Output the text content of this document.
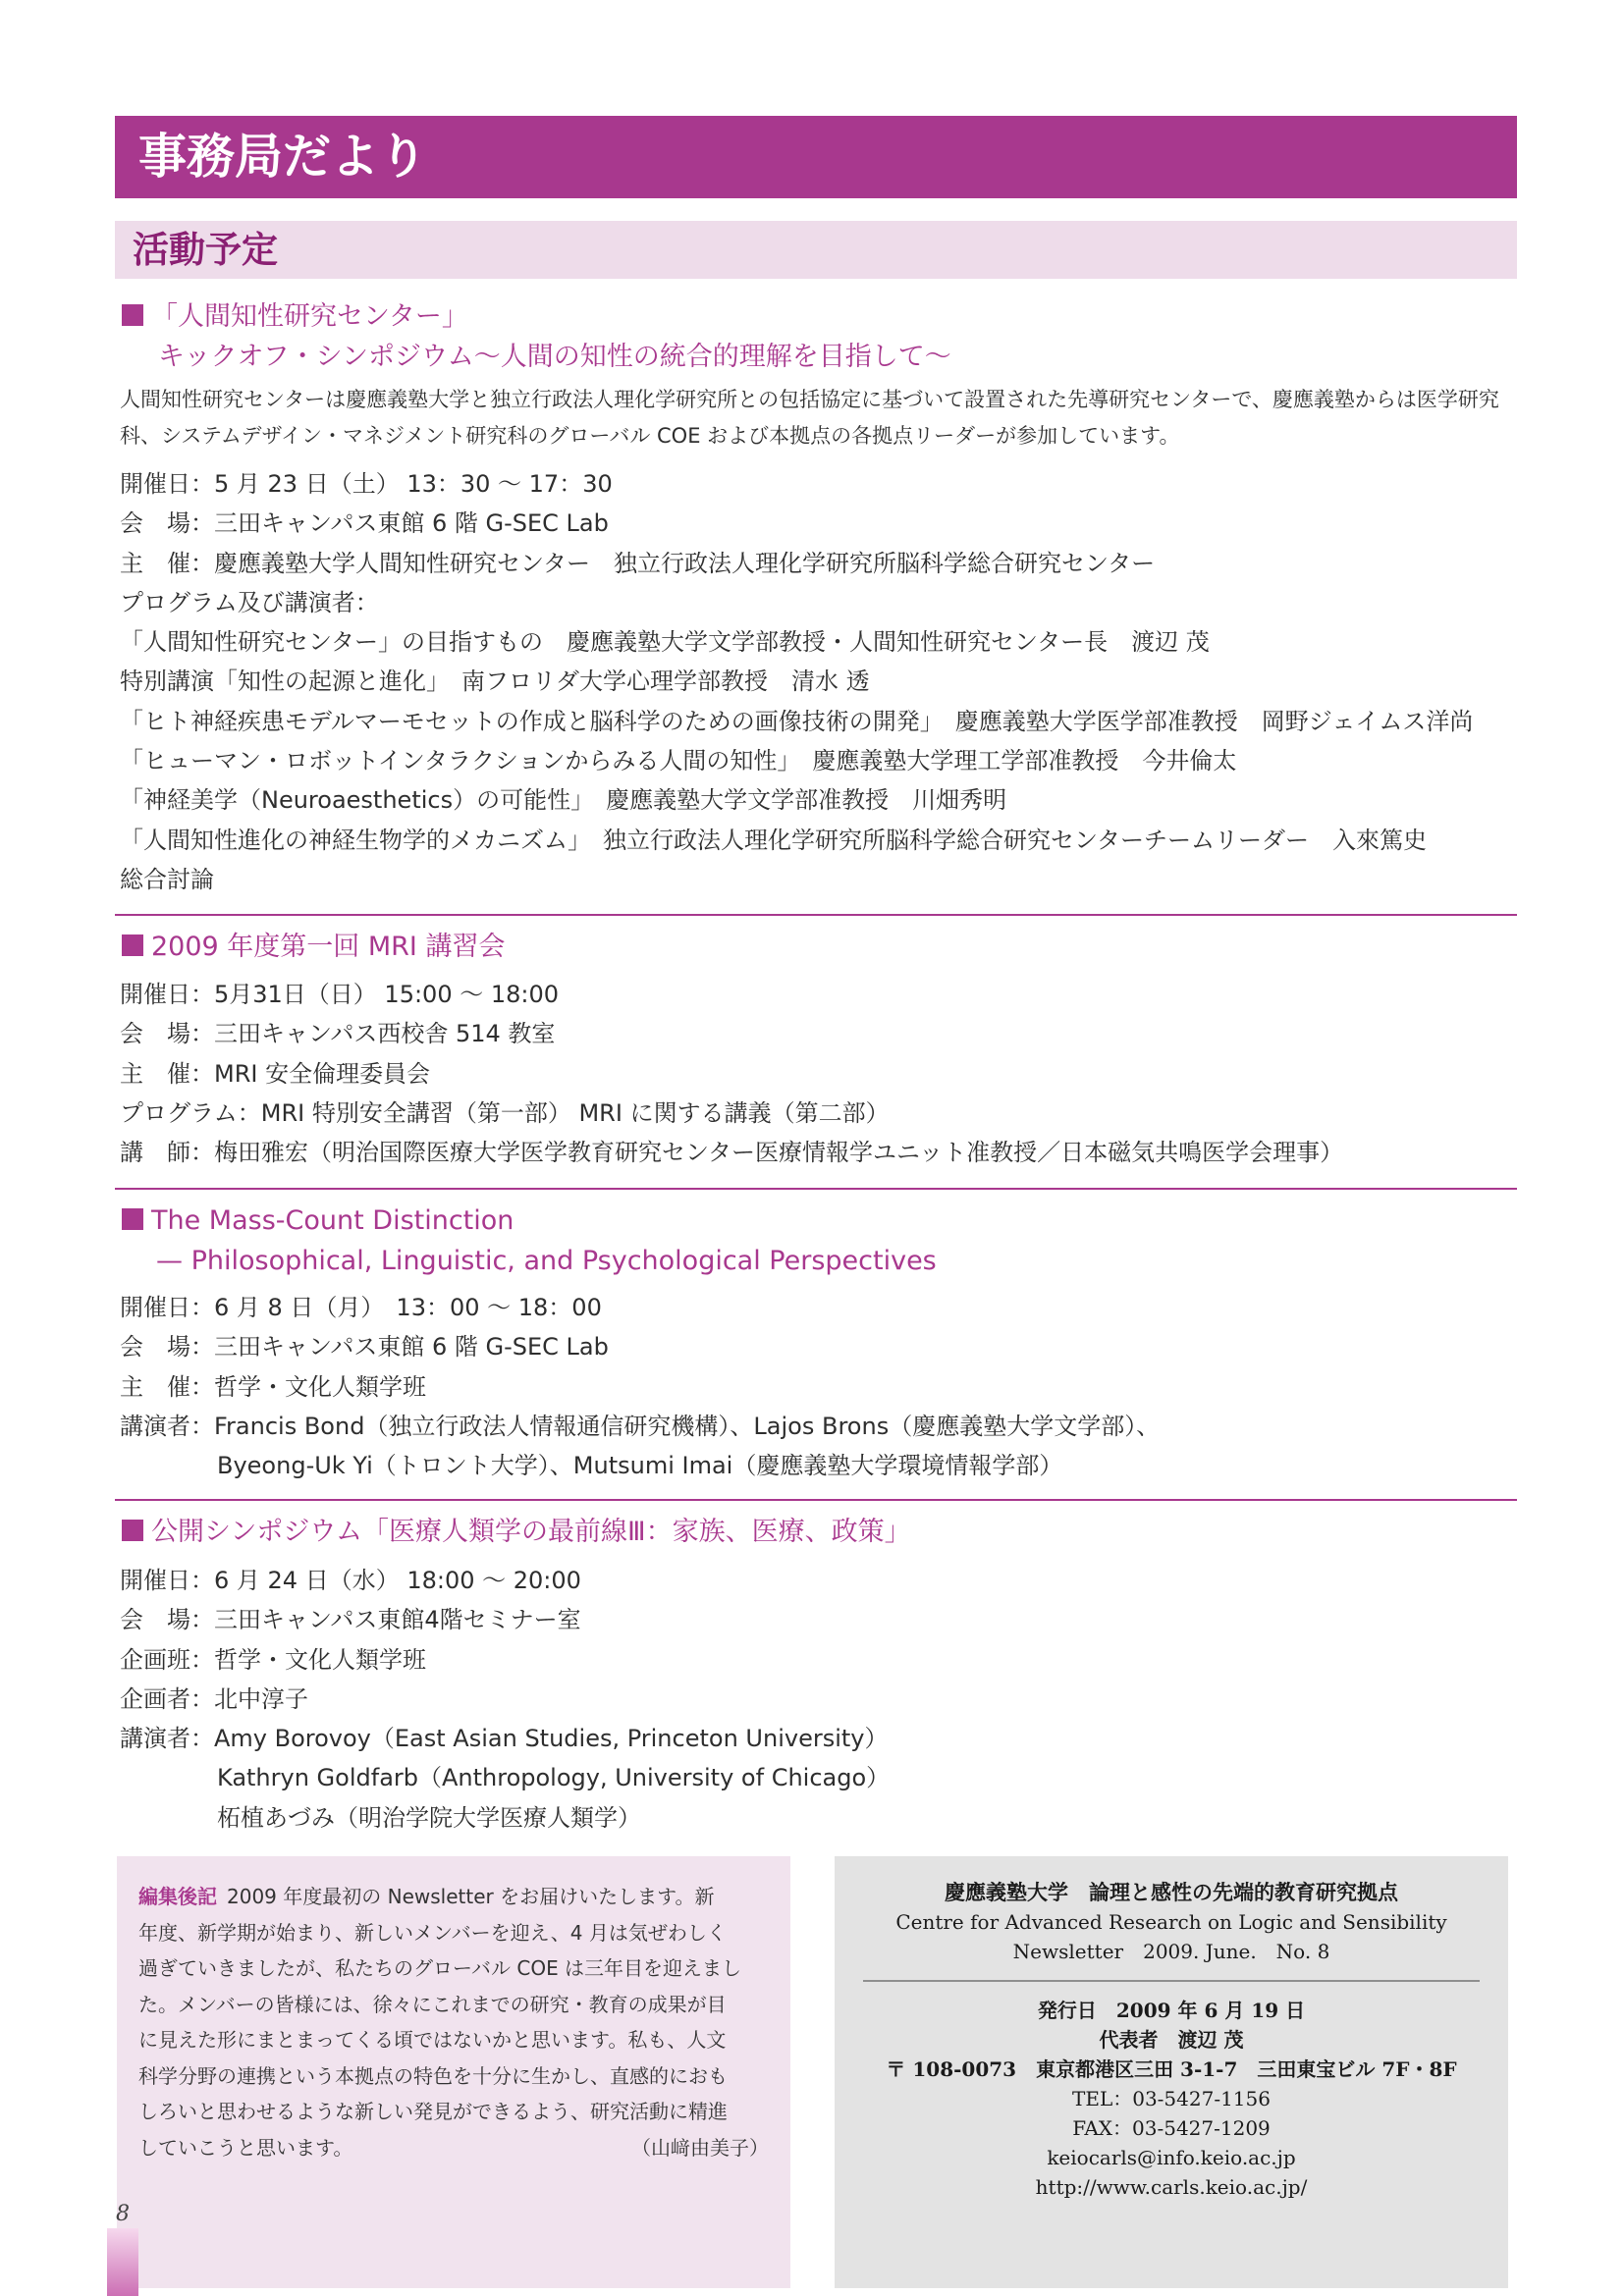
事務局だより
活動予定
「人間知性研究センター」
キックオフ・シンポジウム〜人間の知性の統合的理解を目指して〜
人間知性研究センターは慶應義塾大学と独立行政法人理化学研究所との包括協定に基づいて設置された先導研究センターで、慶應義塾からは医学研究科、システムデザイン・マネジメント研究科のグローバル COE および本拠点の各拠点リーダーが参加しています。
開催日：5 月 23 日（土） 13：30 〜 17：30
会　場：三田キャンパス東館 6 階 G-SEC Lab
主　催：慶應義塾大学人間知性研究センター　独立行政法人理化学研究所脳科学総合研究センター
プログラム及び講演者：
「人間知性研究センター」の目指すもの　慶應義塾大学文学部教授・人間知性研究センター長　渡辺 茂
特別講演「知性の起源と進化」　南フロリダ大学心理学部教授　清水 透
「ヒト神経疾患モデルマーモセットの作成と脳科学のための画像技術の開発」　慶應義塾大学医学部准教授　岡野ジェイムス洋尚
「ヒューマン・ロボットインタラクションからみる人間の知性」　慶應義塾大学理工学部准教授　今井倫太
「神経美学（Neuroaesthetics）の可能性」　慶應義塾大学文学部准教授　川畑秀明
「人間知性進化の神経生物学的メカニズム」　独立行政法人理化学研究所脳科学総合研究センターチームリーダー　入來篤史
総合討論
2009 年度第一回 MRI 講習会
開催日：5月31日（日） 15:00 〜 18:00
会　場：三田キャンパス西校舎 514 教室
主　催：MRI 安全倫理委員会
プログラム：MRI 特別安全講習（第一部） MRI に関する講義（第二部）
講　師：梅田雅宏（明治国際医療大学医学教育研究センター医療情報学ユニット准教授／日本磁気共鳴医学会理事）
The Mass-Count Distinction
— Philosophical, Linguistic, and Psychological Perspectives
開催日：6 月 8 日（月）　13：00 〜 18：00
会　場：三田キャンパス東館 6 階 G-SEC Lab
主　催：哲学・文化人類学班
講演者：Francis Bond（独立行政法人情報通信研究機構）、Lajos Brons（慶應義塾大学文学部）、
Byeong-Uk Yi（トロント大学）、Mutsumi Imai（慶應義塾大学環境情報学部）
公開シンポジウム「医療人類学の最前線Ⅲ：家族、医療、政策」
開催日：6 月 24 日（水） 18:00 〜 20:00
会　場：三田キャンパス東館4階セミナー室
企画班：哲学・文化人類学班
企画者：北中淳子
講演者：Amy Borovoy（East Asian Studies, Princeton University）
Kathryn Goldfarb（Anthropology, University of Chicago）
柘植あづみ（明治学院大学医療人類学）
編集後記 2009 年度最初の Newsletter をお届けいたします。新
年度、新学期が始まり、新しいメンバーを迎え、4 月は気ぜわしく
過ぎていきましたが、私たちのグローバル COE は三年目を迎えまし
た。メンバーの皆様には、徐々にこれまでの研究・教育の成果が目
に見えた形にまとまってくる頃ではないかと思います。私も、人文
科学分野の連携という本拠点の特色を十分に生かし、直感的におも
しろいと思わせるような新しい発見ができるよう、研究活動に精進
していこうと思います。	（山﨑由美子）
慶應義塾大学　論理と感性の先端的教育研究拠点
Centre for Advanced Research on Logic and Sensibility
Newsletter　2009. June.　No. 8
発行日　2009 年 6 月 19 日
代表者　渡辺 茂
〒 108-0073　東京都港区三田 3-1-7　三田東宝ビル 7F・8F
TEL：03-5427-1156
FAX：03-5427-1209
keiocarls@info.keio.ac.jp
http://www.carls.keio.ac.jp/
8
